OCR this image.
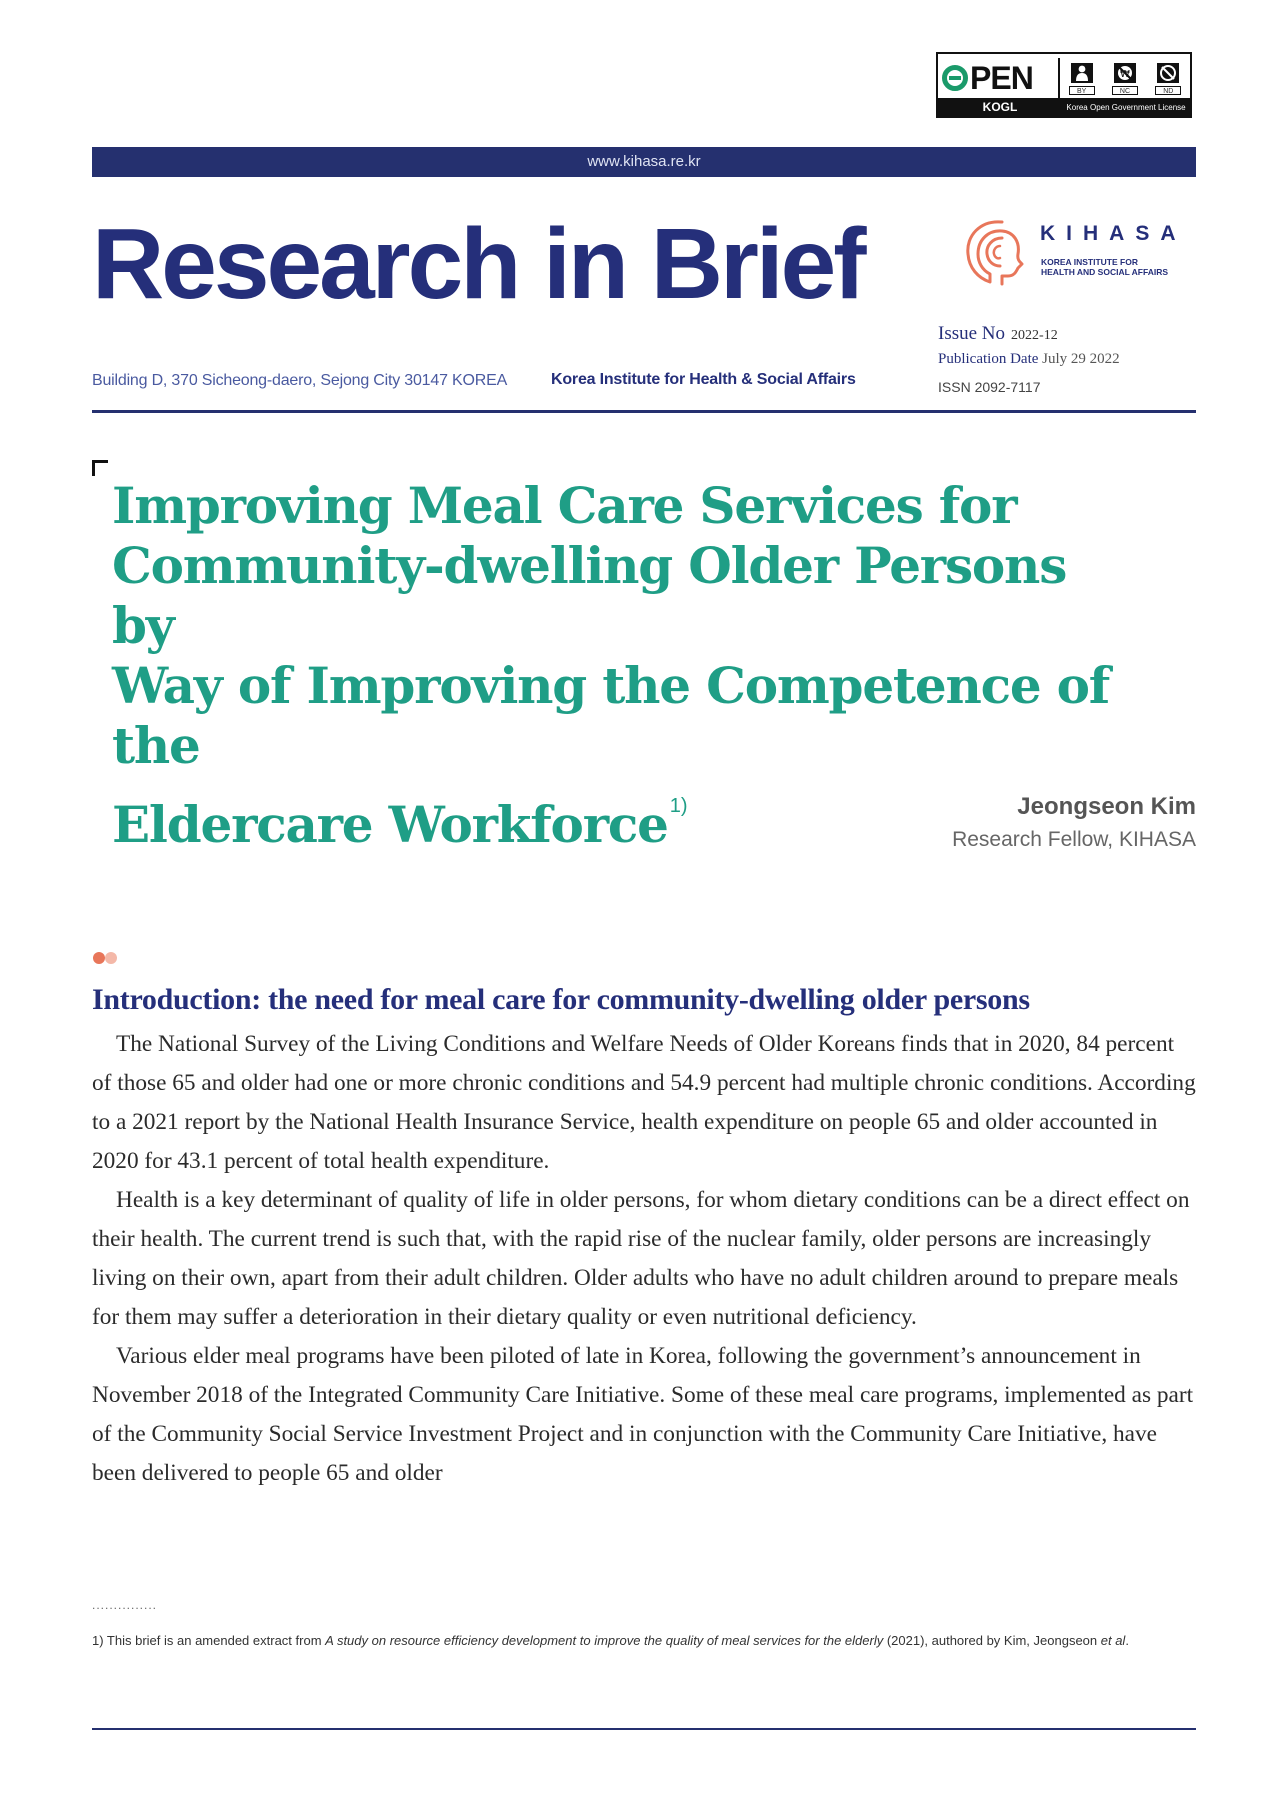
PEN	BY
₩
NC	ND
KOGL	Korea Open Government License
www.kihasa.re.kr
Research in Brief	KIHASA
KOREA INSTITUTE FOR
HEALTH AND SOCIAL AFFAIRS
Issue No 2022-12
Publication Date July 29 2022
ISSN 2092-7117
Building D, 370 Sicheong-daero, Sejong City 30147 KOREA	Korea Institute for Health & Social Affairs
Improving Meal Care Services for
Community-dwelling Older Persons by
Way of Improving the Competence of the
Eldercare Workforce $^{1)}$	Jeongseon Kim
Research Fellow, KIHASA
Introduction: the need for meal care for community-dwelling older persons

The National Survey of the Living Conditions and Welfare Needs of Older Koreans finds that in 2020, 84 percent of those 65 and older had one or more chronic conditions and 54.9 percent had multiple chronic conditions. According to a 2021 report by the National Health Insurance Service, health expenditure on people 65 and older accounted in 2020 for 43.1 percent of total health expenditure.

Health is a key determinant of quality of life in older persons, for whom dietary conditions can be a direct effect on their health. The current trend is such that, with the rapid rise of the nuclear family, older persons are increasingly living on their own, apart from their adult children. Older adults who have no adult children around to prepare meals for them may suffer a deterioration in their dietary quality or even nutritional deficiency.

Various elder meal programs have been piloted of late in Korea, following the government’s announcement in November 2018 of the Integrated Community Care Initiative. Some of these meal care programs, implemented as part of the Community Social Service Investment Project and in conjunction with the Community Care Initiative, have been delivered to people 65 and older

...............
1) This brief is an amended extract from A study on resource efficiency development to improve the quality of meal services for the elderly (2021), authored by Kim, Jeongseon et al.
